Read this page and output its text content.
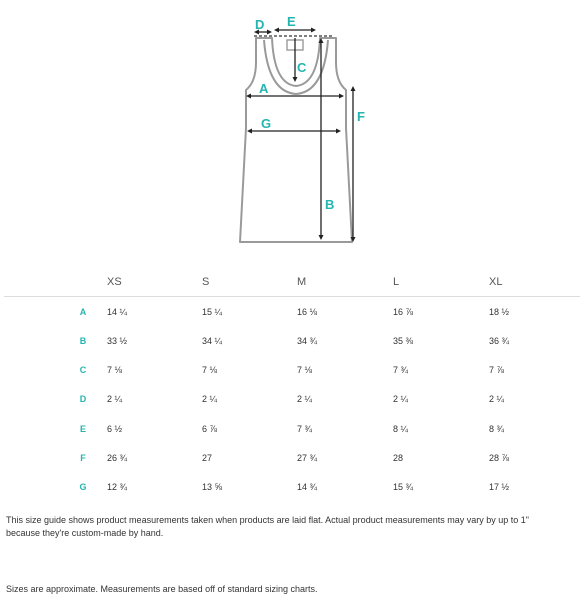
D E
C
A
G	F
B
XS	S	M	L	XL
A 14 ¼	15 ¼	16 ⅛	16 ⅞	18 ½
B 33 ½	34 ¼	34 ¾	35 ⅜	36 ¾
C 7 ⅛	7 ⅛	7 ⅛	7 ¾	7 ⅞
D 2 ¼	2 ¼	2 ¼	2 ¼	2 ¼
E 6 ½	6 ⅞	7 ¾	8 ¼	8 ¾
F 26 ¾	27	27 ¾	28	28 ⅞
G 12 ¾	13 ⅝	14 ¾	15 ¾	17 ½
This size guide shows product measurements taken when products are laid flat. Actual product measurements may vary by up to 1"
because they're custom-made by hand.
Sizes are approximate. Measurements are based off of standard sizing charts.
